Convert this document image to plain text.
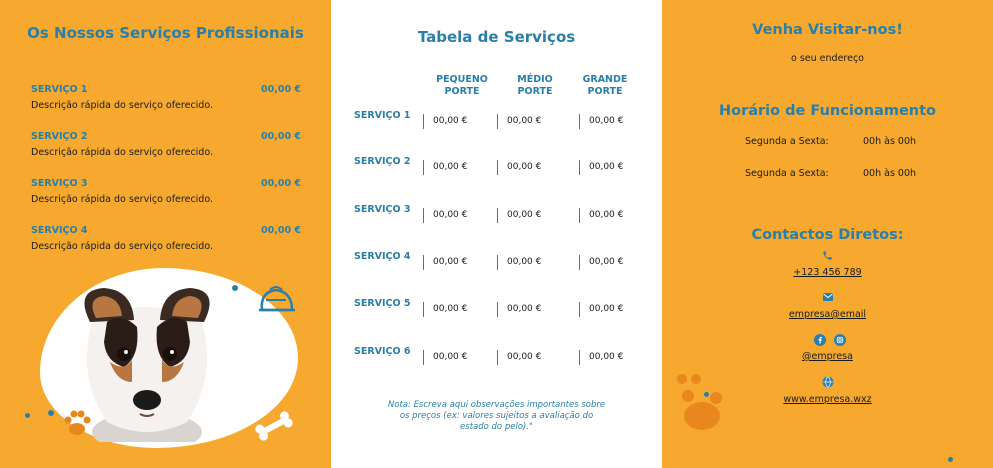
Os Nossos Serviços Profissionais
SERVIÇO 1	00,00 €
Descrição rápida do serviço oferecido.
SERVIÇO 2	00,00 €
Descrição rápida do serviço oferecido.
SERVIÇO 3	00,00 €
Descrição rápida do serviço oferecido.
SERVIÇO 4	00,00 €
Descrição rápida do serviço oferecido.
Tabela de Serviços
PEQUENO PORTE
MÉDIO PORTE
GRANDE PORTE
SERVIÇO 1	00,00 €	00,00 €	00,00 €
SERVIÇO 2	00,00 €	00,00 €	00,00 €
SERVIÇO 3	00,00 €	00,00 €	00,00 €
SERVIÇO 4	00,00 €	00,00 €	00,00 €
SERVIÇO 5	00,00 €	00,00 €	00,00 €
SERVIÇO 6	00,00 €	00,00 €	00,00 €
Nota: Escreva aqui observações importantes sobre os preços (ex: valores sujeitos a avaliação do estado do pelo)."
Venha Visitar-nos!
o seu endereço
Horário de Funcionamento
Segunda a Sexta:	00h às 00h
Segunda a Sexta:	00h às 00h
Contactos Diretos:
+123 456 789
empresa@email
@empresa
www.empresa.wxz
